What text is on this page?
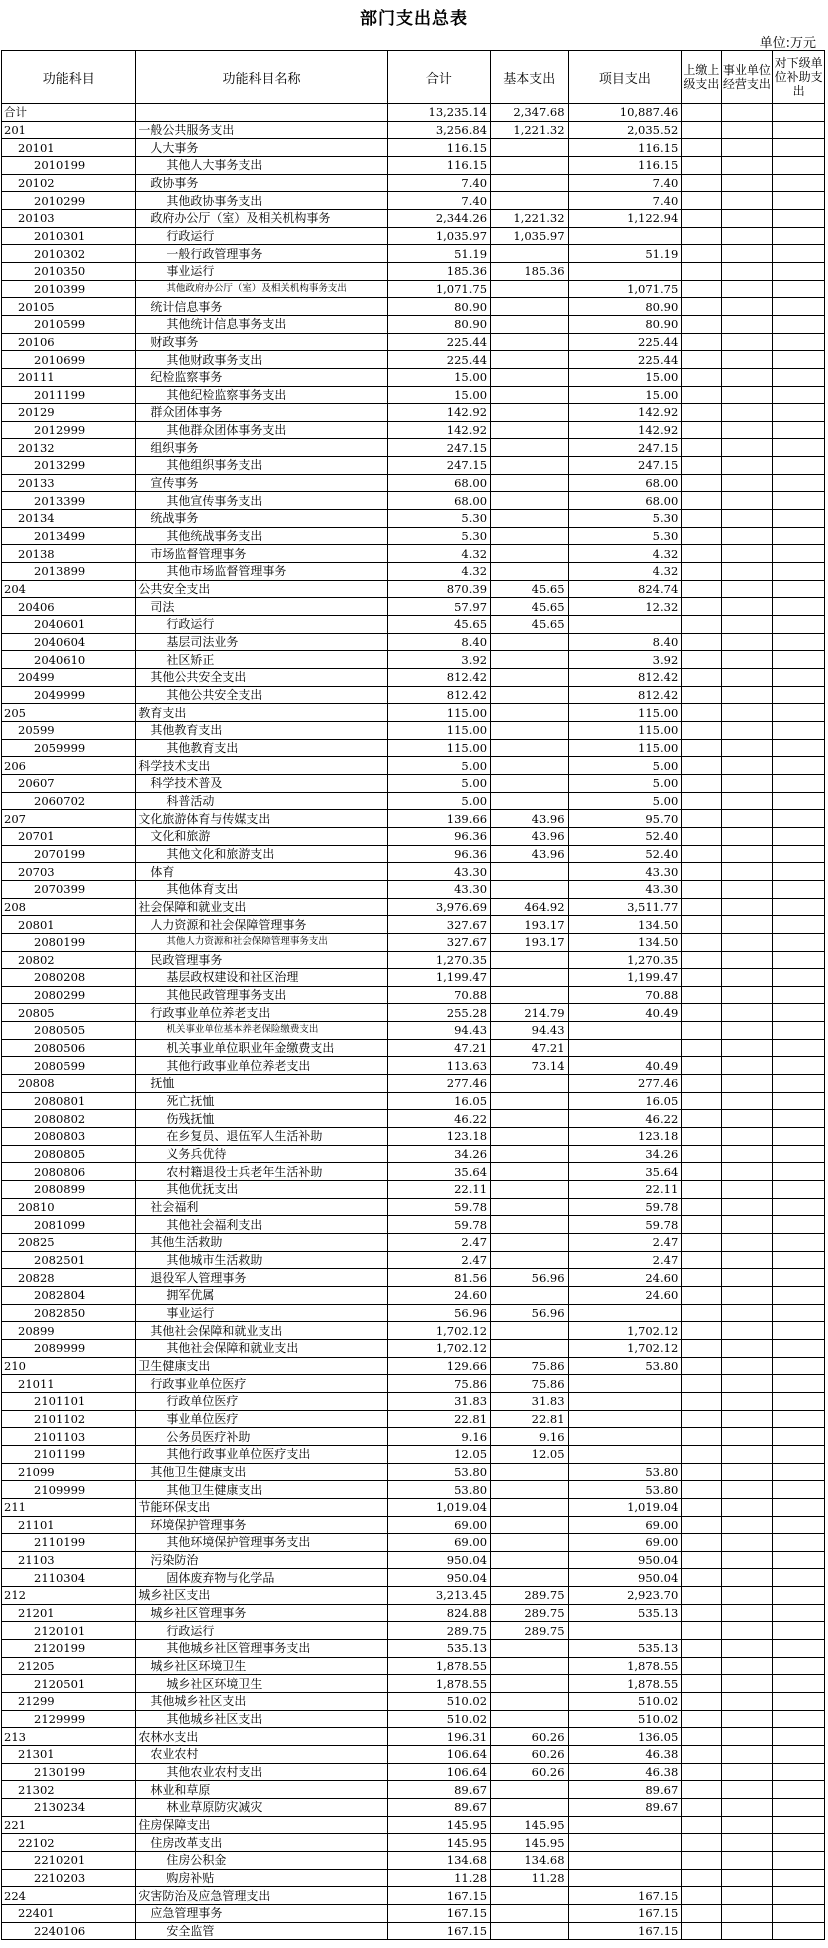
部门支出总表
单位:万元
功能科目	功能科目名称	合计	基本支出	项目支出	上缴上级支出	事业单位经营支出	对下级单位补助支出
合计		13,235.14	2,347.68	10,887.46			
201	一般公共服务支出	3,256.84	1,221.32	2,035.52			
20101	人大事务	116.15		116.15			
2010199	其他人大事务支出	116.15		116.15			
20102	政协事务	7.40		7.40			
2010299	其他政协事务支出	7.40		7.40			
20103	政府办公厅（室）及相关机构事务	2,344.26	1,221.32	1,122.94			
2010301	行政运行	1,035.97	1,035.97				
2010302	一般行政管理事务	51.19		51.19			
2010350	事业运行	185.36	185.36				
2010399	其他政府办公厅（室）及相关机构事务支出	1,071.75		1,071.75			
20105	统计信息事务	80.90		80.90			
2010599	其他统计信息事务支出	80.90		80.90			
20106	财政事务	225.44		225.44			
2010699	其他财政事务支出	225.44		225.44			
20111	纪检监察事务	15.00		15.00			
2011199	其他纪检监察事务支出	15.00		15.00			
20129	群众团体事务	142.92		142.92			
2012999	其他群众团体事务支出	142.92		142.92			
20132	组织事务	247.15		247.15			
2013299	其他组织事务支出	247.15		247.15			
20133	宣传事务	68.00		68.00			
2013399	其他宣传事务支出	68.00		68.00			
20134	统战事务	5.30		5.30			
2013499	其他统战事务支出	5.30		5.30			
20138	市场监督管理事务	4.32		4.32			
2013899	其他市场监督管理事务	4.32		4.32			
204	公共安全支出	870.39	45.65	824.74			
20406	司法	57.97	45.65	12.32			
2040601	行政运行	45.65	45.65				
2040604	基层司法业务	8.40		8.40			
2040610	社区矫正	3.92		3.92			
20499	其他公共安全支出	812.42		812.42			
2049999	其他公共安全支出	812.42		812.42			
205	教育支出	115.00		115.00			
20599	其他教育支出	115.00		115.00			
2059999	其他教育支出	115.00		115.00			
206	科学技术支出	5.00		5.00			
20607	科学技术普及	5.00		5.00			
2060702	科普活动	5.00		5.00			
207	文化旅游体育与传媒支出	139.66	43.96	95.70			
20701	文化和旅游	96.36	43.96	52.40			
2070199	其他文化和旅游支出	96.36	43.96	52.40			
20703	体育	43.30		43.30			
2070399	其他体育支出	43.30		43.30			
208	社会保障和就业支出	3,976.69	464.92	3,511.77			
20801	人力资源和社会保障管理事务	327.67	193.17	134.50			
2080199	其他人力资源和社会保障管理事务支出	327.67	193.17	134.50			
20802	民政管理事务	1,270.35		1,270.35			
2080208	基层政权建设和社区治理	1,199.47		1,199.47			
2080299	其他民政管理事务支出	70.88		70.88			
20805	行政事业单位养老支出	255.28	214.79	40.49			
2080505	机关事业单位基本养老保险缴费支出	94.43	94.43				
2080506	机关事业单位职业年金缴费支出	47.21	47.21				
2080599	其他行政事业单位养老支出	113.63	73.14	40.49			
20808	抚恤	277.46		277.46			
2080801	死亡抚恤	16.05		16.05			
2080802	伤残抚恤	46.22		46.22			
2080803	在乡复员、退伍军人生活补助	123.18		123.18			
2080805	义务兵优待	34.26		34.26			
2080806	农村籍退役士兵老年生活补助	35.64		35.64			
2080899	其他优抚支出	22.11		22.11			
20810	社会福利	59.78		59.78			
2081099	其他社会福利支出	59.78		59.78			
20825	其他生活救助	2.47		2.47			
2082501	其他城市生活救助	2.47		2.47			
20828	退役军人管理事务	81.56	56.96	24.60			
2082804	拥军优属	24.60		24.60			
2082850	事业运行	56.96	56.96				
20899	其他社会保障和就业支出	1,702.12		1,702.12			
2089999	其他社会保障和就业支出	1,702.12		1,702.12			
210	卫生健康支出	129.66	75.86	53.80			
21011	行政事业单位医疗	75.86	75.86				
2101101	行政单位医疗	31.83	31.83				
2101102	事业单位医疗	22.81	22.81				
2101103	公务员医疗补助	9.16	9.16				
2101199	其他行政事业单位医疗支出	12.05	12.05				
21099	其他卫生健康支出	53.80		53.80			
2109999	其他卫生健康支出	53.80		53.80			
211	节能环保支出	1,019.04		1,019.04			
21101	环境保护管理事务	69.00		69.00			
2110199	其他环境保护管理事务支出	69.00		69.00			
21103	污染防治	950.04		950.04			
2110304	固体废弃物与化学品	950.04		950.04			
212	城乡社区支出	3,213.45	289.75	2,923.70			
21201	城乡社区管理事务	824.88	289.75	535.13			
2120101	行政运行	289.75	289.75				
2120199	其他城乡社区管理事务支出	535.13		535.13			
21205	城乡社区环境卫生	1,878.55		1,878.55			
2120501	城乡社区环境卫生	1,878.55		1,878.55			
21299	其他城乡社区支出	510.02		510.02			
2129999	其他城乡社区支出	510.02		510.02			
213	农林水支出	196.31	60.26	136.05			
21301	农业农村	106.64	60.26	46.38			
2130199	其他农业农村支出	106.64	60.26	46.38			
21302	林业和草原	89.67		89.67			
2130234	林业草原防灾减灾	89.67		89.67			
221	住房保障支出	145.95	145.95				
22102	住房改革支出	145.95	145.95				
2210201	住房公积金	134.68	134.68				
2210203	购房补贴	11.28	11.28				
224	灾害防治及应急管理支出	167.15		167.15			
22401	应急管理事务	167.15		167.15			
2240106	安全监管	167.15		167.15			
